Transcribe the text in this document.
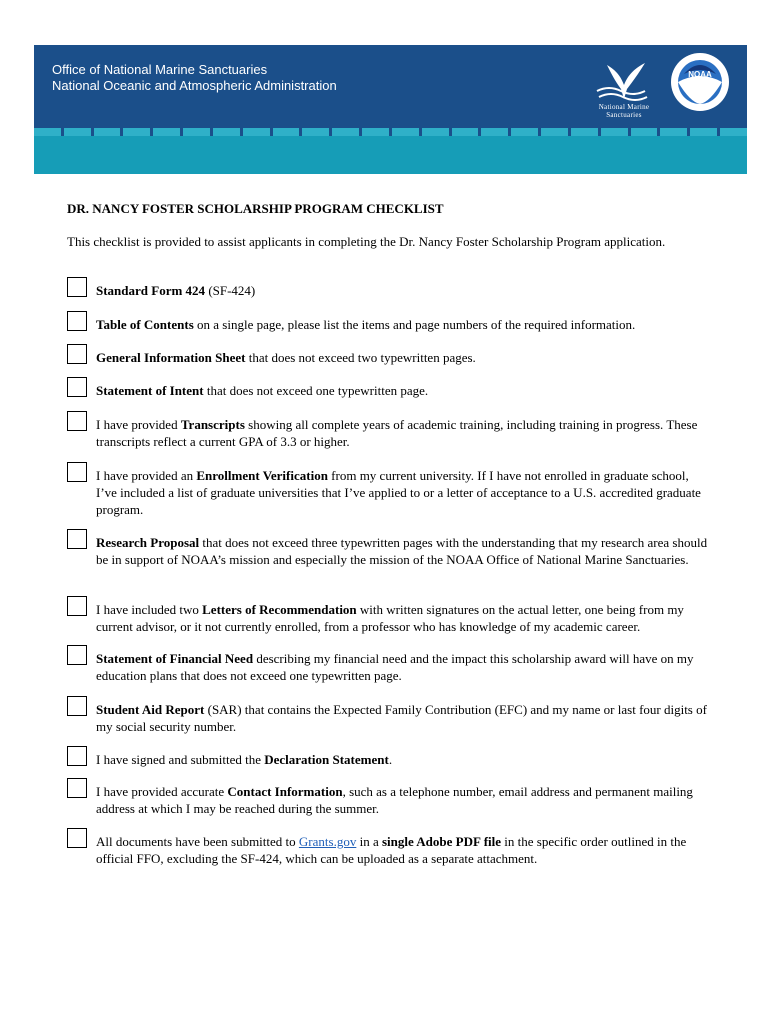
Office of National Marine Sanctuaries
National Oceanic and Atmospheric Administration
National Marine
Sanctuaries
NOAA
DR. NANCY FOSTER SCHOLARSHIP PROGRAM CHECKLIST
This checklist is provided to assist applicants in completing the Dr. Nancy Foster Scholarship Program application.
Standard Form 424 (SF-424)
Table of Contents on a single page, please list the items and page numbers of the required information.
General Information Sheet that does not exceed two typewritten pages.
Statement of Intent that does not exceed one typewritten page.
I have provided Transcripts showing all complete years of academic training, including training in progress. These transcripts reflect a current GPA of 3.3 or higher.
I have provided an Enrollment Verification from my current university. If I have not enrolled in graduate school, I’ve included a list of graduate universities that I’ve applied to or a letter of acceptance to a U.S. accredited graduate program.
Research Proposal that does not exceed three typewritten pages with the understanding that my research area should be in support of NOAA’s mission and especially the mission of the NOAA Office of National Marine Sanctuaries.
I have included two Letters of Recommendation with written signatures on the actual letter, one being from my current advisor, or it not currently enrolled, from a professor who has knowledge of my academic career.
Statement of Financial Need describing my financial need and the impact this scholarship award will have on my education plans that does not exceed one typewritten page.
Student Aid Report (SAR) that contains the Expected Family Contribution (EFC) and my name or last four digits of my social security number.
I have signed and submitted the Declaration Statement.
I have provided accurate Contact Information, such as a telephone number, email address and permanent mailing address at which I may be reached during the summer.
All documents have been submitted to Grants.gov in a single Adobe PDF file in the specific order outlined in the official FFO, excluding the SF-424, which can be uploaded as a separate attachment.
